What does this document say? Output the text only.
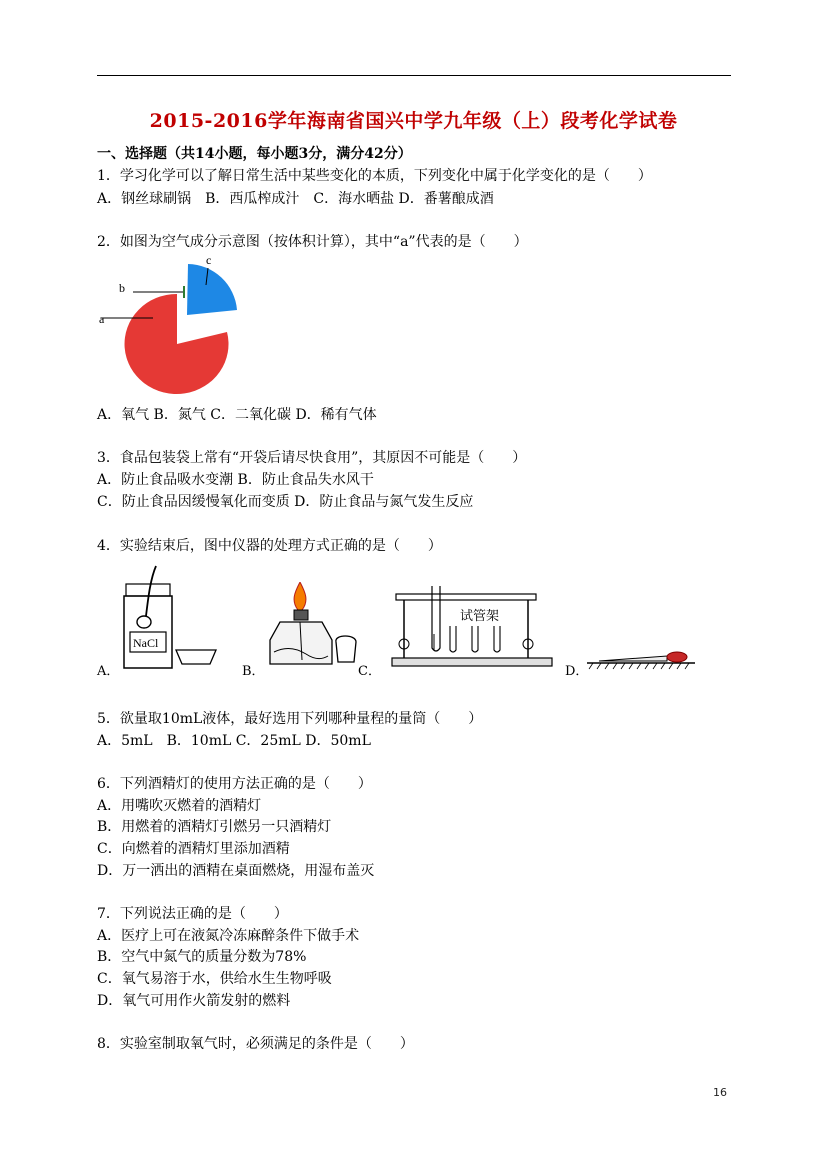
2015-2016学年海南省国兴中学九年级（上）段考化学试卷
一、选择题（共14小题，每小题3分，满分42分）
1．学习化学可以了解日常生活中某些变化的本质，下列变化中属于化学变化的是（　　）
A．钢丝球刷锅　B．西瓜榨成汁　C．海水晒盐 D．番薯酿成酒
2．如图为空气成分示意图（按体积计算），其中“a”代表的是（　　）
a
b
c
A．氧气 B．氮气 C．二氧化碳 D．稀有气体
3．食品包装袋上常有“开袋后请尽快食用”，其原因不可能是（　　）
A．防止食品吸水变潮 B．防止食品失水风干
C．防止食品因缓慢氧化而变质 D．防止食品与氮气发生反应
4．实验结束后，图中仪器的处理方式正确的是（　　）
A．
NaCl
B．	C．
试管架
D．
5．欲量取10mL液体，最好选用下列哪种量程的量筒（　　）
A．5mL　B．10mL C．25mL D．50mL
6．下列酒精灯的使用方法正确的是（　　）
A．用嘴吹灭燃着的酒精灯
B．用燃着的酒精灯引燃另一只酒精灯
C．向燃着的酒精灯里添加酒精
D．万一洒出的酒精在桌面燃烧，用湿布盖灭
7．下列说法正确的是（　　）
A．医疗上可在液氮冷冻麻醉条件下做手术
B．空气中氮气的质量分数为78%
C．氧气易溶于水，供给水生生物呼吸
D．氧气可用作火箭发射的燃料
8．实验室制取氧气时，必须满足的条件是（　　）
16
